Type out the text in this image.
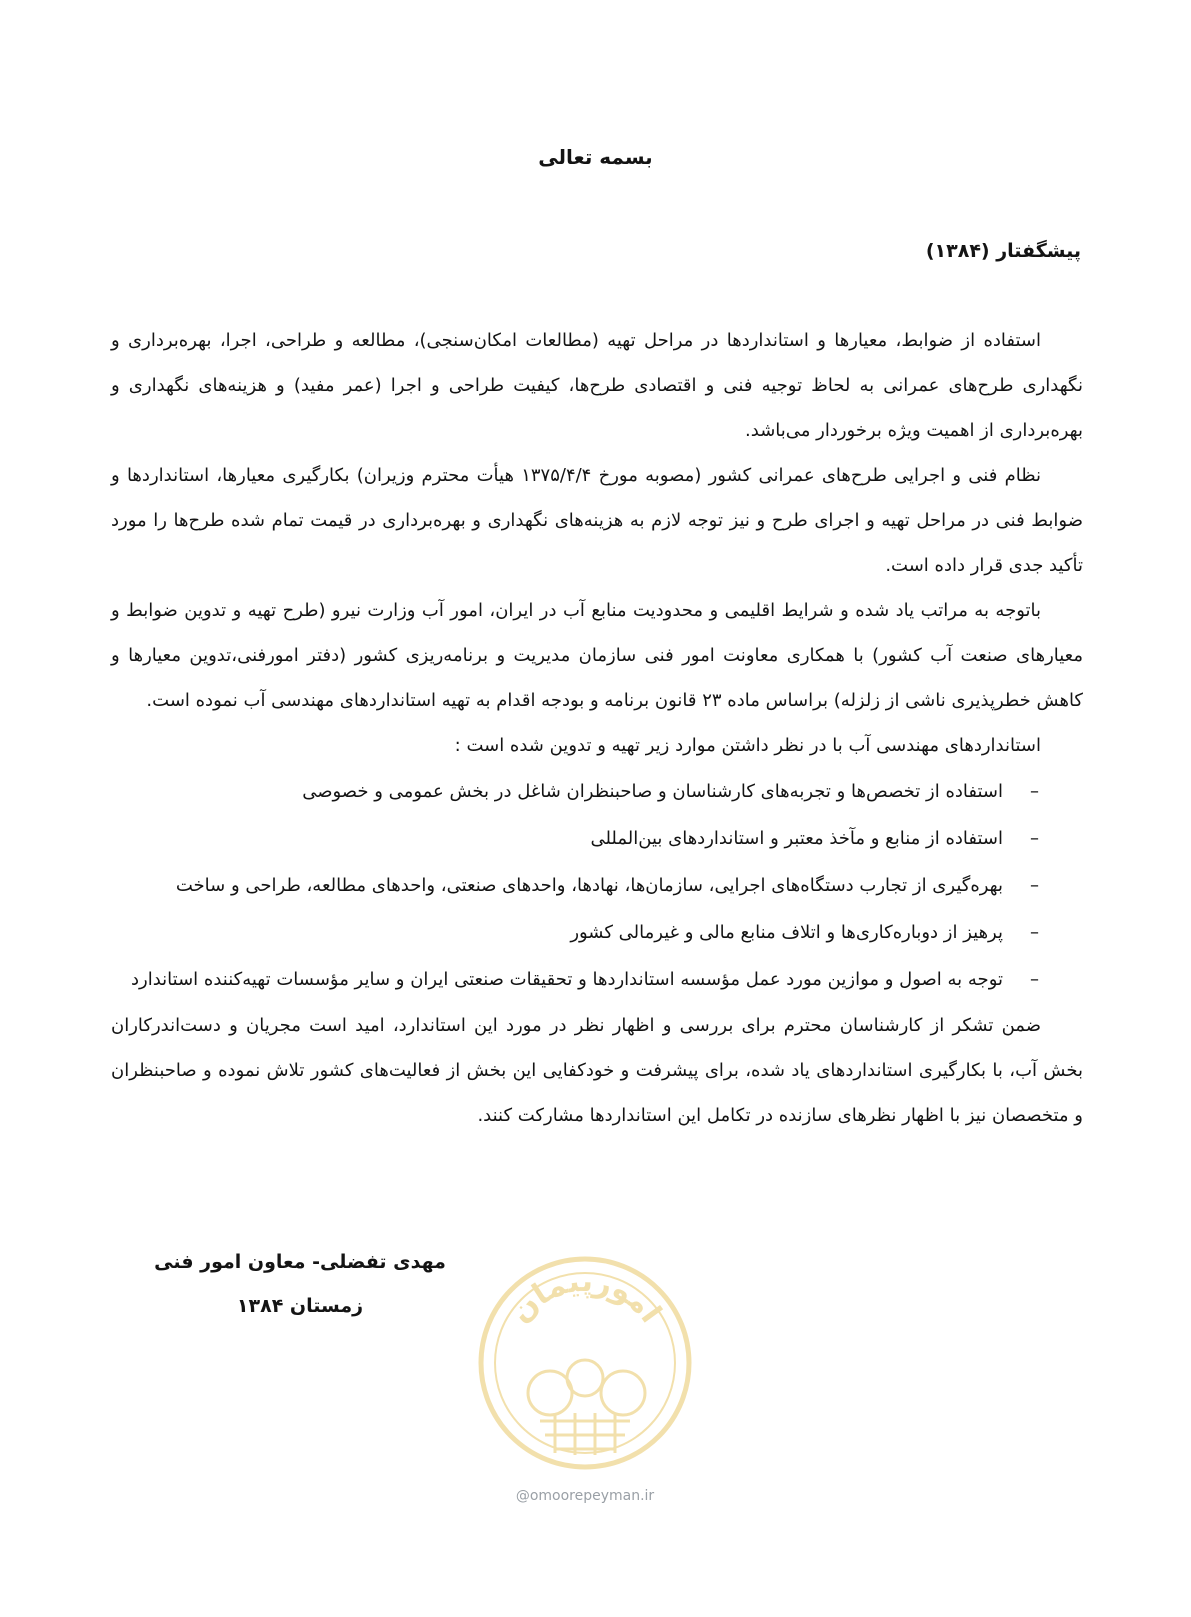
بسمه تعالی
پیشگفتار (۱۳۸۴)

استفاده از ضوابط، معیارها و استانداردها در مراحل تهیه (مطالعات امکان‌سنجی)، مطالعه و طراحی، اجرا، بهره‌برداری و نگهداری طرح‌های عمرانی به لحاظ توجیه فنی و اقتصادی طرح‌ها، کیفیت طراحی و اجرا (عمر مفید) و هزینه‌های نگهداری و بهره‌برداری از اهمیت ویژه برخوردار می‌باشد.

نظام فنی و اجرایی طرح‌های عمرانی کشور (مصوبه مورخ ۱۳۷۵/۴/۴ هیأت محترم وزیران) بکارگیری معیارها، استانداردها و ضوابط فنی در مراحل تهیه و اجرای طرح و نیز توجه لازم به هزینه‌های نگهداری و بهره‌برداری در قیمت تمام شده طرح‌ها را مورد تأکید جدی قرار داده است.

باتوجه به مراتب یاد شده و شرایط اقلیمی و محدودیت منابع آب در ایران، امور آب وزارت نیرو (طرح تهیه و تدوین ضوابط و معیارهای صنعت آب کشور) با همکاری معاونت امور فنی سازمان مدیریت و برنامه‌ریزی کشور (دفتر امورفنی،تدوین معیارها و کاهش خطرپذیری ناشی از زلزله) براساس ماده ۲۳ قانون برنامه و بودجه اقدام به تهیه استانداردهای مهندسی آب نموده است.

استانداردهای مهندسی آب با در نظر داشتن موارد زیر تهیه و تدوین شده است :

–
استفاده از تخصص‌ها و تجربه‌های کارشناسان و صاحبنظران شاغل در بخش عمومی و خصوصی
–
استفاده از منابع و مآخذ معتبر و استانداردهای بین‌المللی
–
بهره‌گیری از تجارب دستگاه‌های اجرایی، سازمان‌ها، نهادها، واحدهای صنعتی، واحدهای مطالعه، طراحی و ساخت
–
پرهیز از دوباره‌کاری‌ها و اتلاف منابع مالی و غیرمالی کشور
–
توجه به اصول و موازین مورد عمل مؤسسه استانداردها و تحقیقات صنعتی ایران و سایر مؤسسات تهیه‌کننده استاندارد

ضمن تشکر از کارشناسان محترم برای بررسی و اظهار نظر در مورد این استاندارد، امید است مجریان و دست‌اندرکاران بخش آب، با بکارگیری استانداردهای یاد شده، برای پیشرفت و خودکفایی این بخش از فعالیت‌های کشور تلاش نموده و صاحبنظران و متخصصان نیز با اظهار نظرهای سازنده در تکامل این استانداردها مشارکت کنند.

مهدی تفضلی- معاون امور فنی
زمستان ۱۳۸۴	امورپیمان
@omoorepeyman.ir
